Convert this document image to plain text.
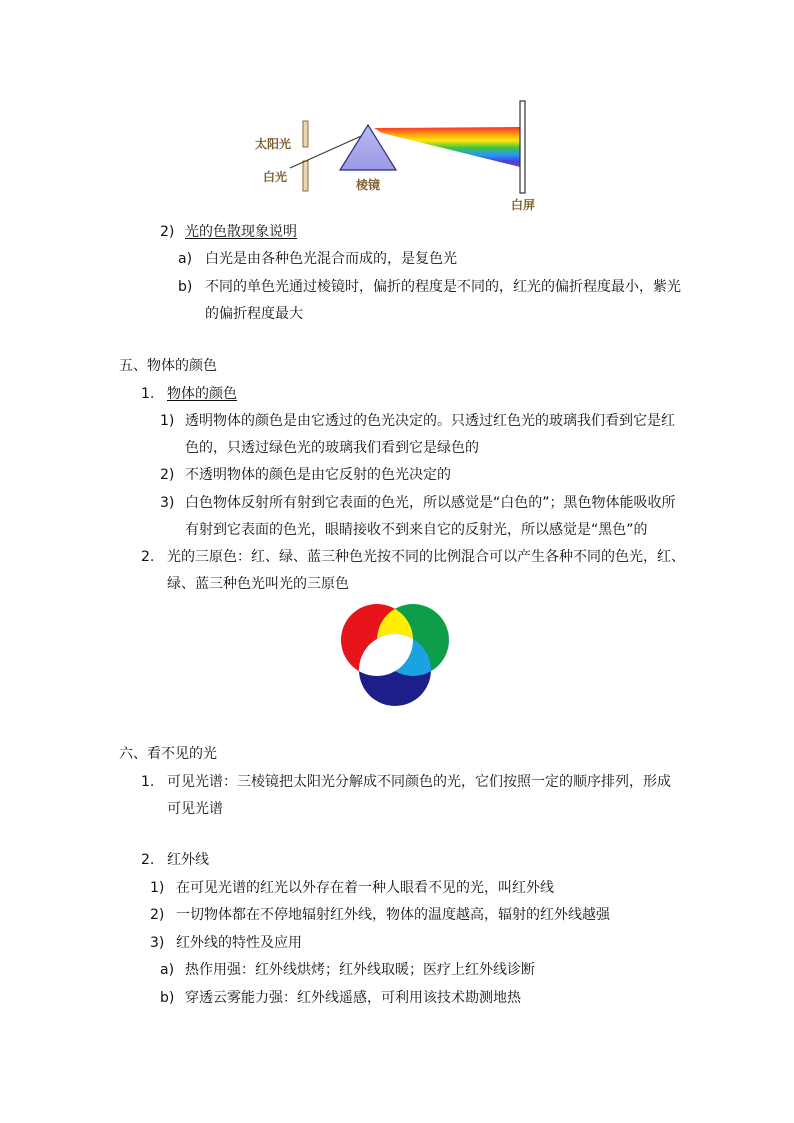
太阳光
白光
棱镜
白屏
2) 光的色散现象说明
a) 白光是由各种色光混合而成的，是复色光
b) 不同的单色光通过棱镜时，偏折的程度是不同的，红光的偏折程度最小，紫光
的偏折程度最大
五、物体的颜色
1. 物体的颜色
1) 透明物体的颜色是由它透过的色光决定的。只透过红色光的玻璃我们看到它是红
色的，只透过绿色光的玻璃我们看到它是绿色的
2) 不透明物体的颜色是由它反射的色光决定的
3) 白色物体反射所有射到它表面的色光，所以感觉是“白色的”；黑色物体能吸收所
有射到它表面的色光，眼睛接收不到来自它的反射光，所以感觉是“黑色”的
2. 光的三原色：红、绿、蓝三种色光按不同的比例混合可以产生各种不同的色光，红、
绿、蓝三种色光叫光的三原色
六、看不见的光
1. 可见光谱：三棱镜把太阳光分解成不同颜色的光，它们按照一定的顺序排列，形成
可见光谱
2. 红外线
1) 在可见光谱的红光以外存在着一种人眼看不见的光，叫红外线
2) 一切物体都在不停地辐射红外线，物体的温度越高，辐射的红外线越强
3) 红外线的特性及应用
a) 热作用强：红外线烘烤；红外线取暖；医疗上红外线诊断
b) 穿透云雾能力强：红外线遥感，可利用该技术勘测地热
